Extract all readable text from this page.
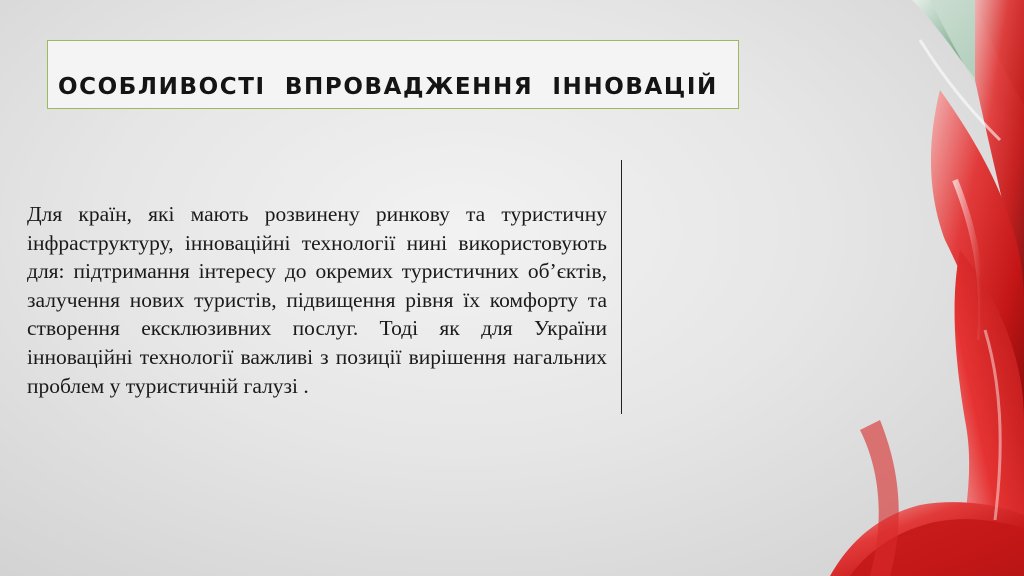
ОСОБЛИВОСТІ  ВПРОВАДЖЕННЯ  ІННОВАЦІЙ
Для країн, які мають розвинену ринкову та туристичну інфраструктуру, інноваційні технології нині використовують для: підтримання інтересу до окремих туристичних об’єктів, залучення нових туристів, підвищення рівня їх комфорту та створення ексклюзивних послуг. Тоді як для України інноваційні технології важливі з позиції вирішення нагальних проблем у туристичній галузі .
